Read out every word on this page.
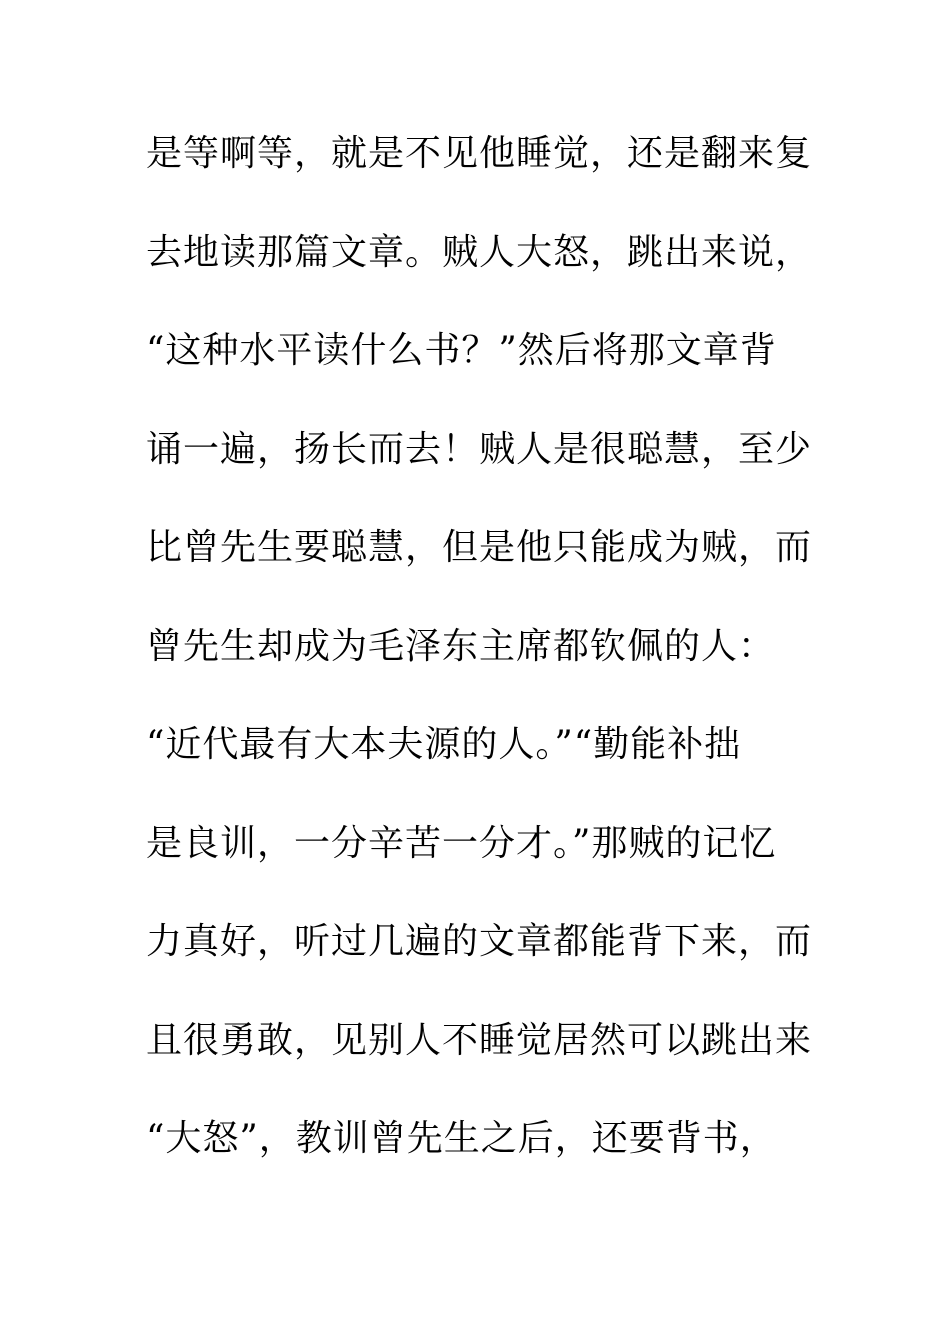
是等啊等，就是不见他睡觉，还是翻来复
去地读那篇文章。贼人大怒，跳出来说，
“这种水平读什么书？”然后将那文章背
诵一遍，扬长而去！贼人是很聪慧，至少
比曾先生要聪慧，但是他只能成为贼，而
曾先生却成为毛泽东主席都钦佩的人：
“近代最有大本夫源的人。”“勤能补拙
是良训，一分辛苦一分才。”那贼的记忆
力真好，听过几遍的文章都能背下来，而
且很勇敢，见别人不睡觉居然可以跳出来
“大怒”，教训曾先生之后，还要背书，
